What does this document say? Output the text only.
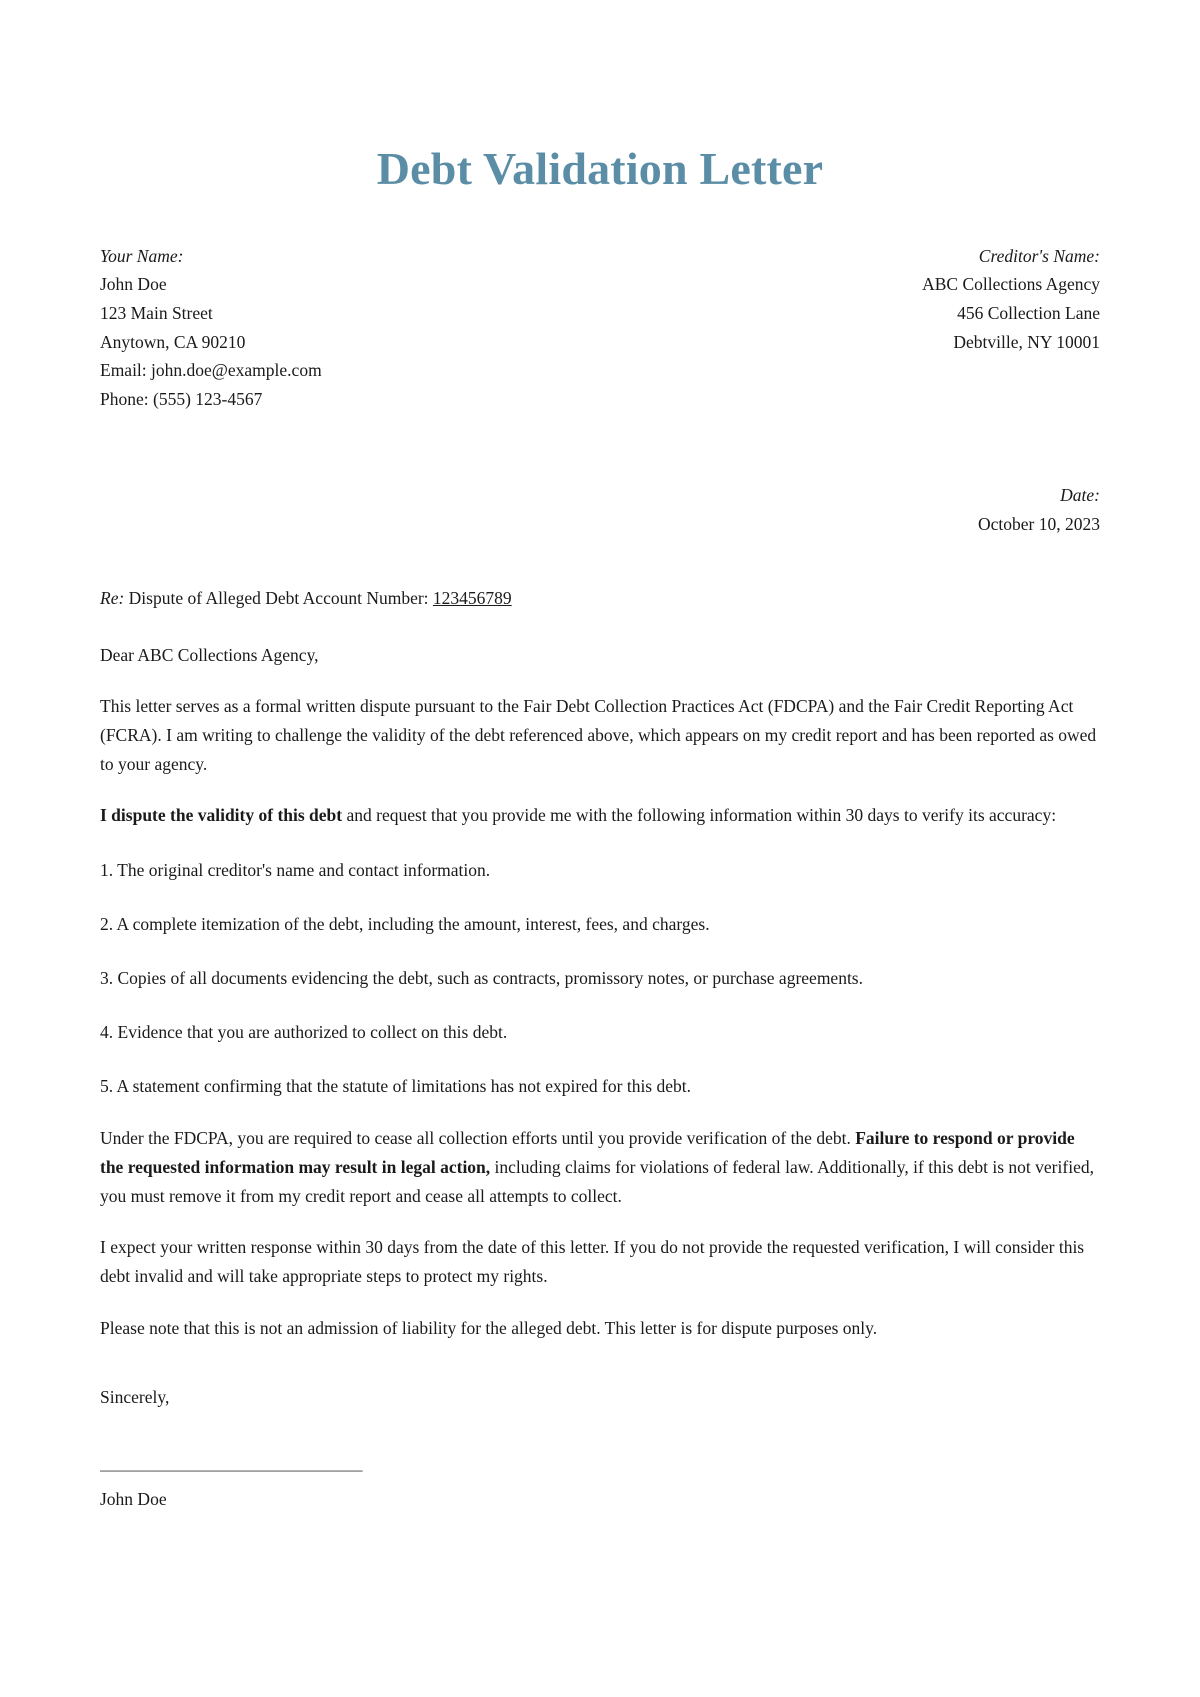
Debt Validation Letter
Your Name:
John Doe
123 Main Street
Anytown, CA 90210
Email: john.doe@example.com
Phone: (555) 123-4567
Creditor's Name:
ABC Collections Agency
456 Collection Lane
Debtville, NY 10001
Date:
October 10, 2023
Re: Dispute of Alleged Debt Account Number: 123456789
Dear ABC Collections Agency,

This letter serves as a formal written dispute pursuant to the Fair Debt Collection Practices Act (FDCPA) and the Fair Credit Reporting Act (FCRA). I am writing to challenge the validity of the debt referenced above, which appears on my credit report and has been reported as owed to your agency.

I dispute the validity of this debt and request that you provide me with the following information within 30 days to verify its accuracy:

1. The original creditor's name and contact information.

2. A complete itemization of the debt, including the amount, interest, fees, and charges.

3. Copies of all documents evidencing the debt, such as contracts, promissory notes, or purchase agreements.

4. Evidence that you are authorized to collect on this debt.

5. A statement confirming that the statute of limitations has not expired for this debt.

Under the FDCPA, you are required to cease all collection efforts until you provide verification of the debt. Failure to respond or provide the requested information may result in legal action, including claims for violations of federal law. Additionally, if this debt is not verified, you must remove it from my credit report and cease all attempts to collect.

I expect your written response within 30 days from the date of this letter. If you do not provide the requested verification, I will consider this debt invalid and will take appropriate steps to protect my rights.

Please note that this is not an admission of liability for the alleged debt. This letter is for dispute purposes only.

Sincerely,
______________________________
John Doe
